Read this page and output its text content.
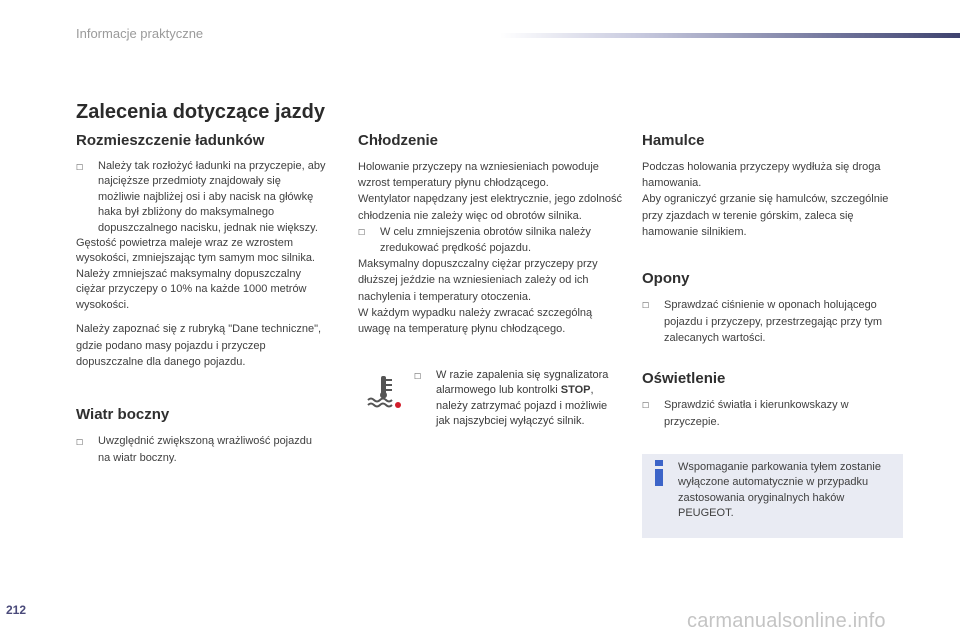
Informacje praktyczne
Zalecenia dotyczące jazdy
Rozmieszczenie ładunków
☐	Należy tak rozłożyć ładunki na przyczepie, aby najcięższe przedmioty znajdowały się możliwie najbliżej osi i aby nacisk na główkę haka był zbliżony do maksymalnego dopuszczalnego nacisku, jednak nie większy.

Gęstość powietrza maleje wraz ze wzrostem wysokości, zmniejszając tym samym moc silnika. Należy zmniejszać maksymalny dopuszczalny ciężar przyczepy o 10% na każde 1000 metrów wysokości.

Należy zapoznać się z rubryką "Dane techniczne", gdzie podano masy pojazdu i przyczep dopuszczalne dla danego pojazdu.

Wiatr boczny
☐	Uwzględnić zwiększoną wrażliwość pojazdu na wiatr boczny.
Chłodzenie

Holowanie przyczepy na wzniesieniach powoduje wzrost temperatury płynu chłodzącego.

Wentylator napędzany jest elektrycznie, jego zdolność chłodzenia nie zależy więc od obrotów silnika.

☐	W celu zmniejszenia obrotów silnika należy zredukować prędkość pojazdu.

Maksymalny dopuszczalny ciężar przyczepy przy dłuższej jeździe na wzniesieniach zależy od ich nachylenia i temperatury otoczenia.

W każdym wypadku należy zwracać szczególną uwagę na temperaturę płynu chłodzącego.

☐	W razie zapalenia się sygnalizatora alarmowego lub kontrolki STOP, należy zatrzymać pojazd i możliwie jak najszybciej wyłączyć silnik.
Hamulce

Podczas holowania przyczepy wydłuża się droga hamowania.

Aby ograniczyć grzanie się hamulców, szczególnie przy zjazdach w terenie górskim, zaleca się hamowanie silnikiem.

Opony
☐	Sprawdzać ciśnienie w oponach holującego pojazdu i przyczepy, przestrzegając przy tym zalecanych wartości.
Oświetlenie
☐	Sprawdzić światła i kierunkowskazy w przyczepie.
Wspomaganie parkowania tyłem zostanie wyłączone automatycznie w przypadku zastosowania oryginalnych haków PEUGEOT.
212	carmanualsonline.info
